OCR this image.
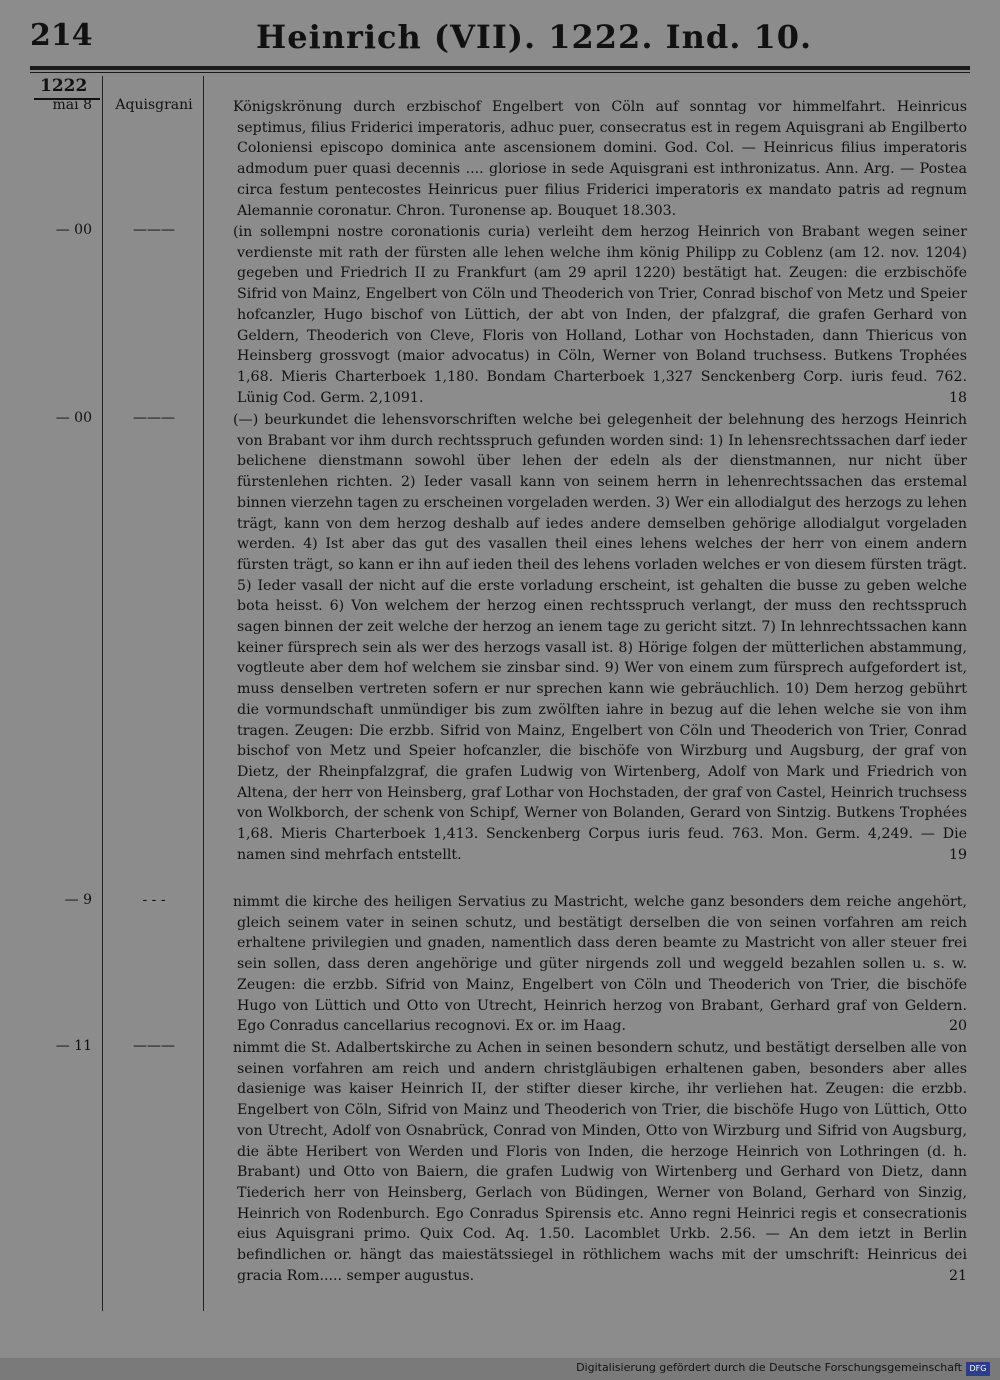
214	Heinrich (VII). 1222. Ind. 10.
1222
mai 8	Aquisgrani	Königskrönung durch erzbischof Engelbert von Cöln auf sonntag vor himmelfahrt. Heinricus septimus, filius Friderici imperatoris, adhuc puer, consecratus est in regem Aquisgrani ab Engilberto Coloniensi episcopo dominica ante ascensionem domini. God. Col. — Heinricus filius imperatoris admodum puer quasi decennis .... gloriose in sede Aquisgrani est inthronizatus. Ann. Arg. — Postea circa festum pentecostes Heinricus puer filius Friderici imperatoris ex mandato patris ad regnum Alemannie coronatur. Chron. Turonense ap. Bouquet 18.303.

— 00	———	(in sollempni nostre coronationis curia) verleiht dem herzog Heinrich von Brabant wegen seiner verdienste mit rath der fürsten alle lehen welche ihm könig Philipp zu Coblenz (am 12. nov. 1204) gegeben und Friedrich II zu Frankfurt (am 29 april 1220) bestätigt hat. Zeugen: die erzbischöfe Sifrid von Mainz, Engelbert von Cöln und Theoderich von Trier, Conrad bischof von Metz und Speier hofcanzler, Hugo bischof von Lüttich, der abt von Inden, der pfalzgraf, die grafen Gerhard von Geldern, Theoderich von Cleve, Floris von Holland, Lothar von Hochstaden, dann Thiericus von Heinsberg grossvogt (maior advocatus) in Cöln, Werner von Boland truchsess. Butkens Trophées 1,68. Mieris Charterboek 1,180. Bondam Charterboek 1,327 Senckenberg Corp. iuris feud. 762. Lünig Cod. Germ. 2,1091.	18

— 00	———	(—) beurkundet die lehensvorschriften welche bei gelegenheit der belehnung des herzogs Heinrich von Brabant vor ihm durch rechtsspruch gefunden worden sind: 1) In lehensrechtssachen darf ieder belichene dienstmann sowohl über lehen der edeln als der dienstmannen, nur nicht über fürstenlehen richten. 2) Ieder vasall kann von seinem herrn in lehenrechtssachen das erstemal binnen vierzehn tagen zu erscheinen vorgeladen werden. 3) Wer ein allodialgut des herzogs zu lehen trägt, kann von dem herzog deshalb auf iedes andere demselben gehörige allodialgut vorgeladen werden. 4) Ist aber das gut des vasallen theil eines lehens welches der herr von einem andern fürsten trägt, so kann er ihn auf ieden theil des lehens vorladen welches er von diesem fürsten trägt. 5) Ieder vasall der nicht auf die erste vorladung erscheint, ist gehalten die busse zu geben welche bota heisst. 6) Von welchem der herzog einen rechtsspruch verlangt, der muss den rechtsspruch sagen binnen der zeit welche der herzog an ienem tage zu gericht sitzt. 7) In lehnrechtssachen kann keiner fürsprech sein als wer des herzogs vasall ist. 8) Hörige folgen der mütterlichen abstammung, vogtleute aber dem hof welchem sie zinsbar sind. 9) Wer von einem zum fürsprech aufgefordert ist, muss denselben vertreten sofern er nur sprechen kann wie gebräuchlich. 10) Dem herzog gebührt die vormundschaft unmündiger bis zum zwölften iahre in bezug auf die lehen welche sie von ihm tragen. Zeugen: Die erzbb. Sifrid von Mainz, Engelbert von Cöln und Theoderich von Trier, Conrad bischof von Metz und Speier hofcanzler, die bischöfe von Wirzburg und Augsburg, der graf von Dietz, der Rheinpfalzgraf, die grafen Ludwig von Wirtenberg, Adolf von Mark und Friedrich von Altena, der herr von Heinsberg, graf Lothar von Hochstaden, der graf von Castel, Heinrich truchsess von Wolkborch, der schenk von Schipf, Werner von Bolanden, Gerard von Sintzig. Butkens Trophées 1,68. Mieris Charterboek 1,413. Senckenberg Corpus iuris feud. 763. Mon. Germ. 4,249. — Die namen sind mehrfach entstellt.	19

— 9	- - -	nimmt die kirche des heiligen Servatius zu Mastricht, welche ganz besonders dem reiche angehört, gleich seinem vater in seinen schutz, und bestätigt derselben die von seinen vorfahren am reich erhaltene privilegien und gnaden, namentlich dass deren beamte zu Mastricht von aller steuer frei sein sollen, dass deren angehörige und güter nirgends zoll und weggeld bezahlen sollen u. s. w. Zeugen: die erzbb. Sifrid von Mainz, Engelbert von Cöln und Theoderich von Trier, die bischöfe Hugo von Lüttich und Otto von Utrecht, Heinrich herzog von Brabant, Gerhard graf von Geldern. Ego Conradus cancellarius recognovi. Ex or. im Haag.	20

— 11	———	nimmt die St. Adalbertskirche zu Achen in seinen besondern schutz, und bestätigt derselben alle von seinen vorfahren am reich und andern christgläubigen erhaltenen gaben, besonders aber alles dasienige was kaiser Heinrich II, der stifter dieser kirche, ihr verliehen hat. Zeugen: die erzbb. Engelbert von Cöln, Sifrid von Mainz und Theoderich von Trier, die bischöfe Hugo von Lüttich, Otto von Utrecht, Adolf von Osnabrück, Conrad von Minden, Otto von Wirzburg und Sifrid von Augsburg, die äbte Heribert von Werden und Floris von Inden, die herzoge Heinrich von Lothringen (d. h. Brabant) und Otto von Baiern, die grafen Ludwig von Wirtenberg und Gerhard von Dietz, dann Tiederich herr von Heinsberg, Gerlach von Büdingen, Werner von Boland, Gerhard von Sinzig, Heinrich von Rodenburch. Ego Conradus Spirensis etc. Anno regni Heinrici regis et consecrationis eius Aquisgrani primo. Quix Cod. Aq. 1.50. Lacomblet Urkb. 2.56. — An dem ietzt in Berlin befindlichen or. hängt das maiestätssiegel in röthlichem wachs mit der umschrift: Heinricus dei gracia Rom..... semper augustus.	21

Digitalisierung gefördert durch die Deutsche Forschungsgemeinschaft DFG
